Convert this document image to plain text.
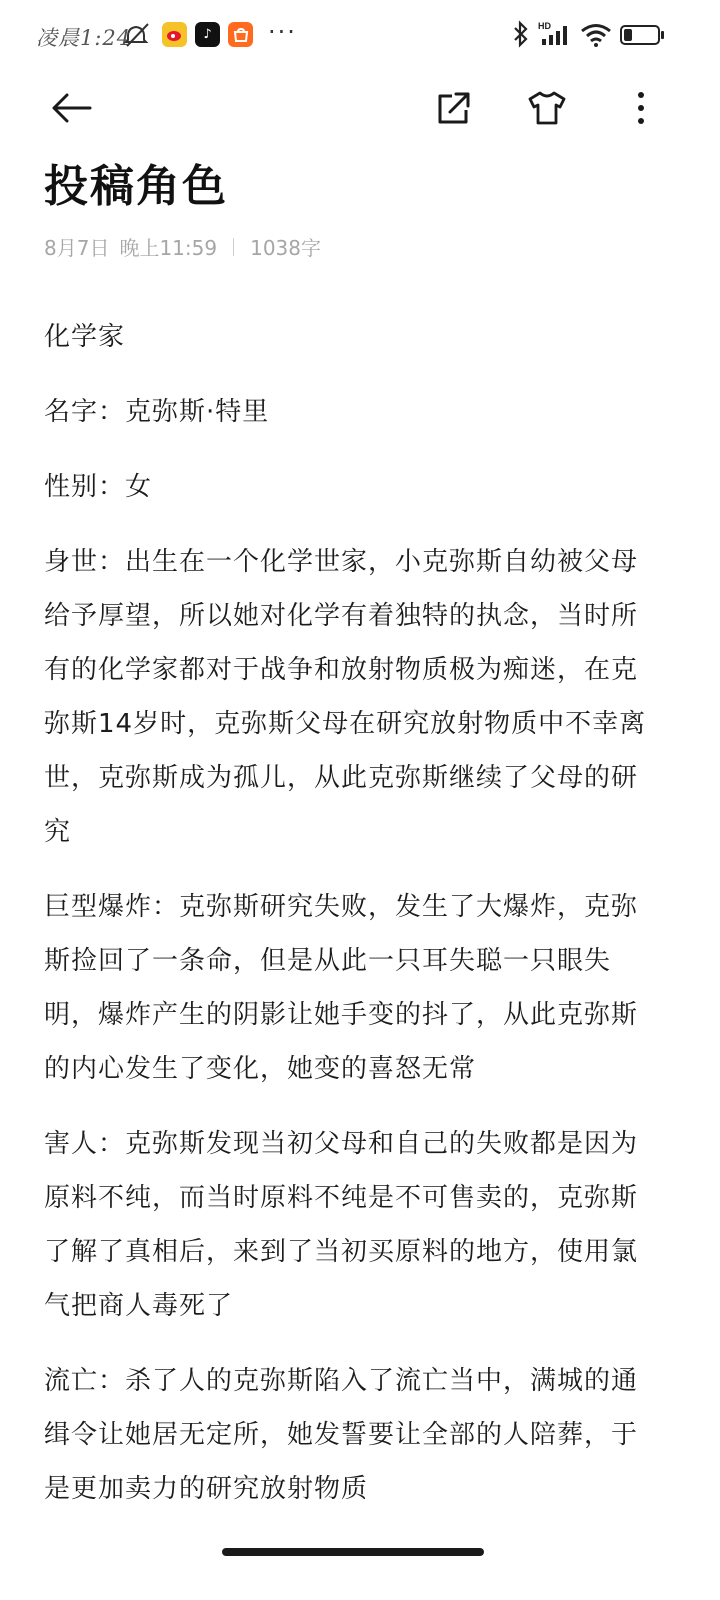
凌晨1:24	♪	···	HD
投稿角色
8月7日 晚上11:59 1038字

化学家

名字：克弥斯·特里

性别：女

身世：出生在一个化学世家，小克弥斯自幼被父母给予厚望，所以她对化学有着独特的执念，当时所有的化学家都对于战争和放射物质极为痴迷，在克弥斯14岁时，克弥斯父母在研究放射物质中不幸离世，克弥斯成为孤儿，从此克弥斯继续了父母的研究

巨型爆炸：克弥斯研究失败，发生了大爆炸，克弥斯捡回了一条命，但是从此一只耳失聪一只眼失明，爆炸产生的阴影让她手变的抖了，从此克弥斯的内心发生了变化，她变的喜怒无常

害人：克弥斯发现当初父母和自己的失败都是因为原料不纯，而当时原料不纯是不可售卖的，克弥斯了解了真相后，来到了当初买原料的地方，使用氯气把商人毒死了

流亡：杀了人的克弥斯陷入了流亡当中，满城的通缉令让她居无定所，她发誓要让全部的人陪葬，于是更加卖力的研究放射物质
